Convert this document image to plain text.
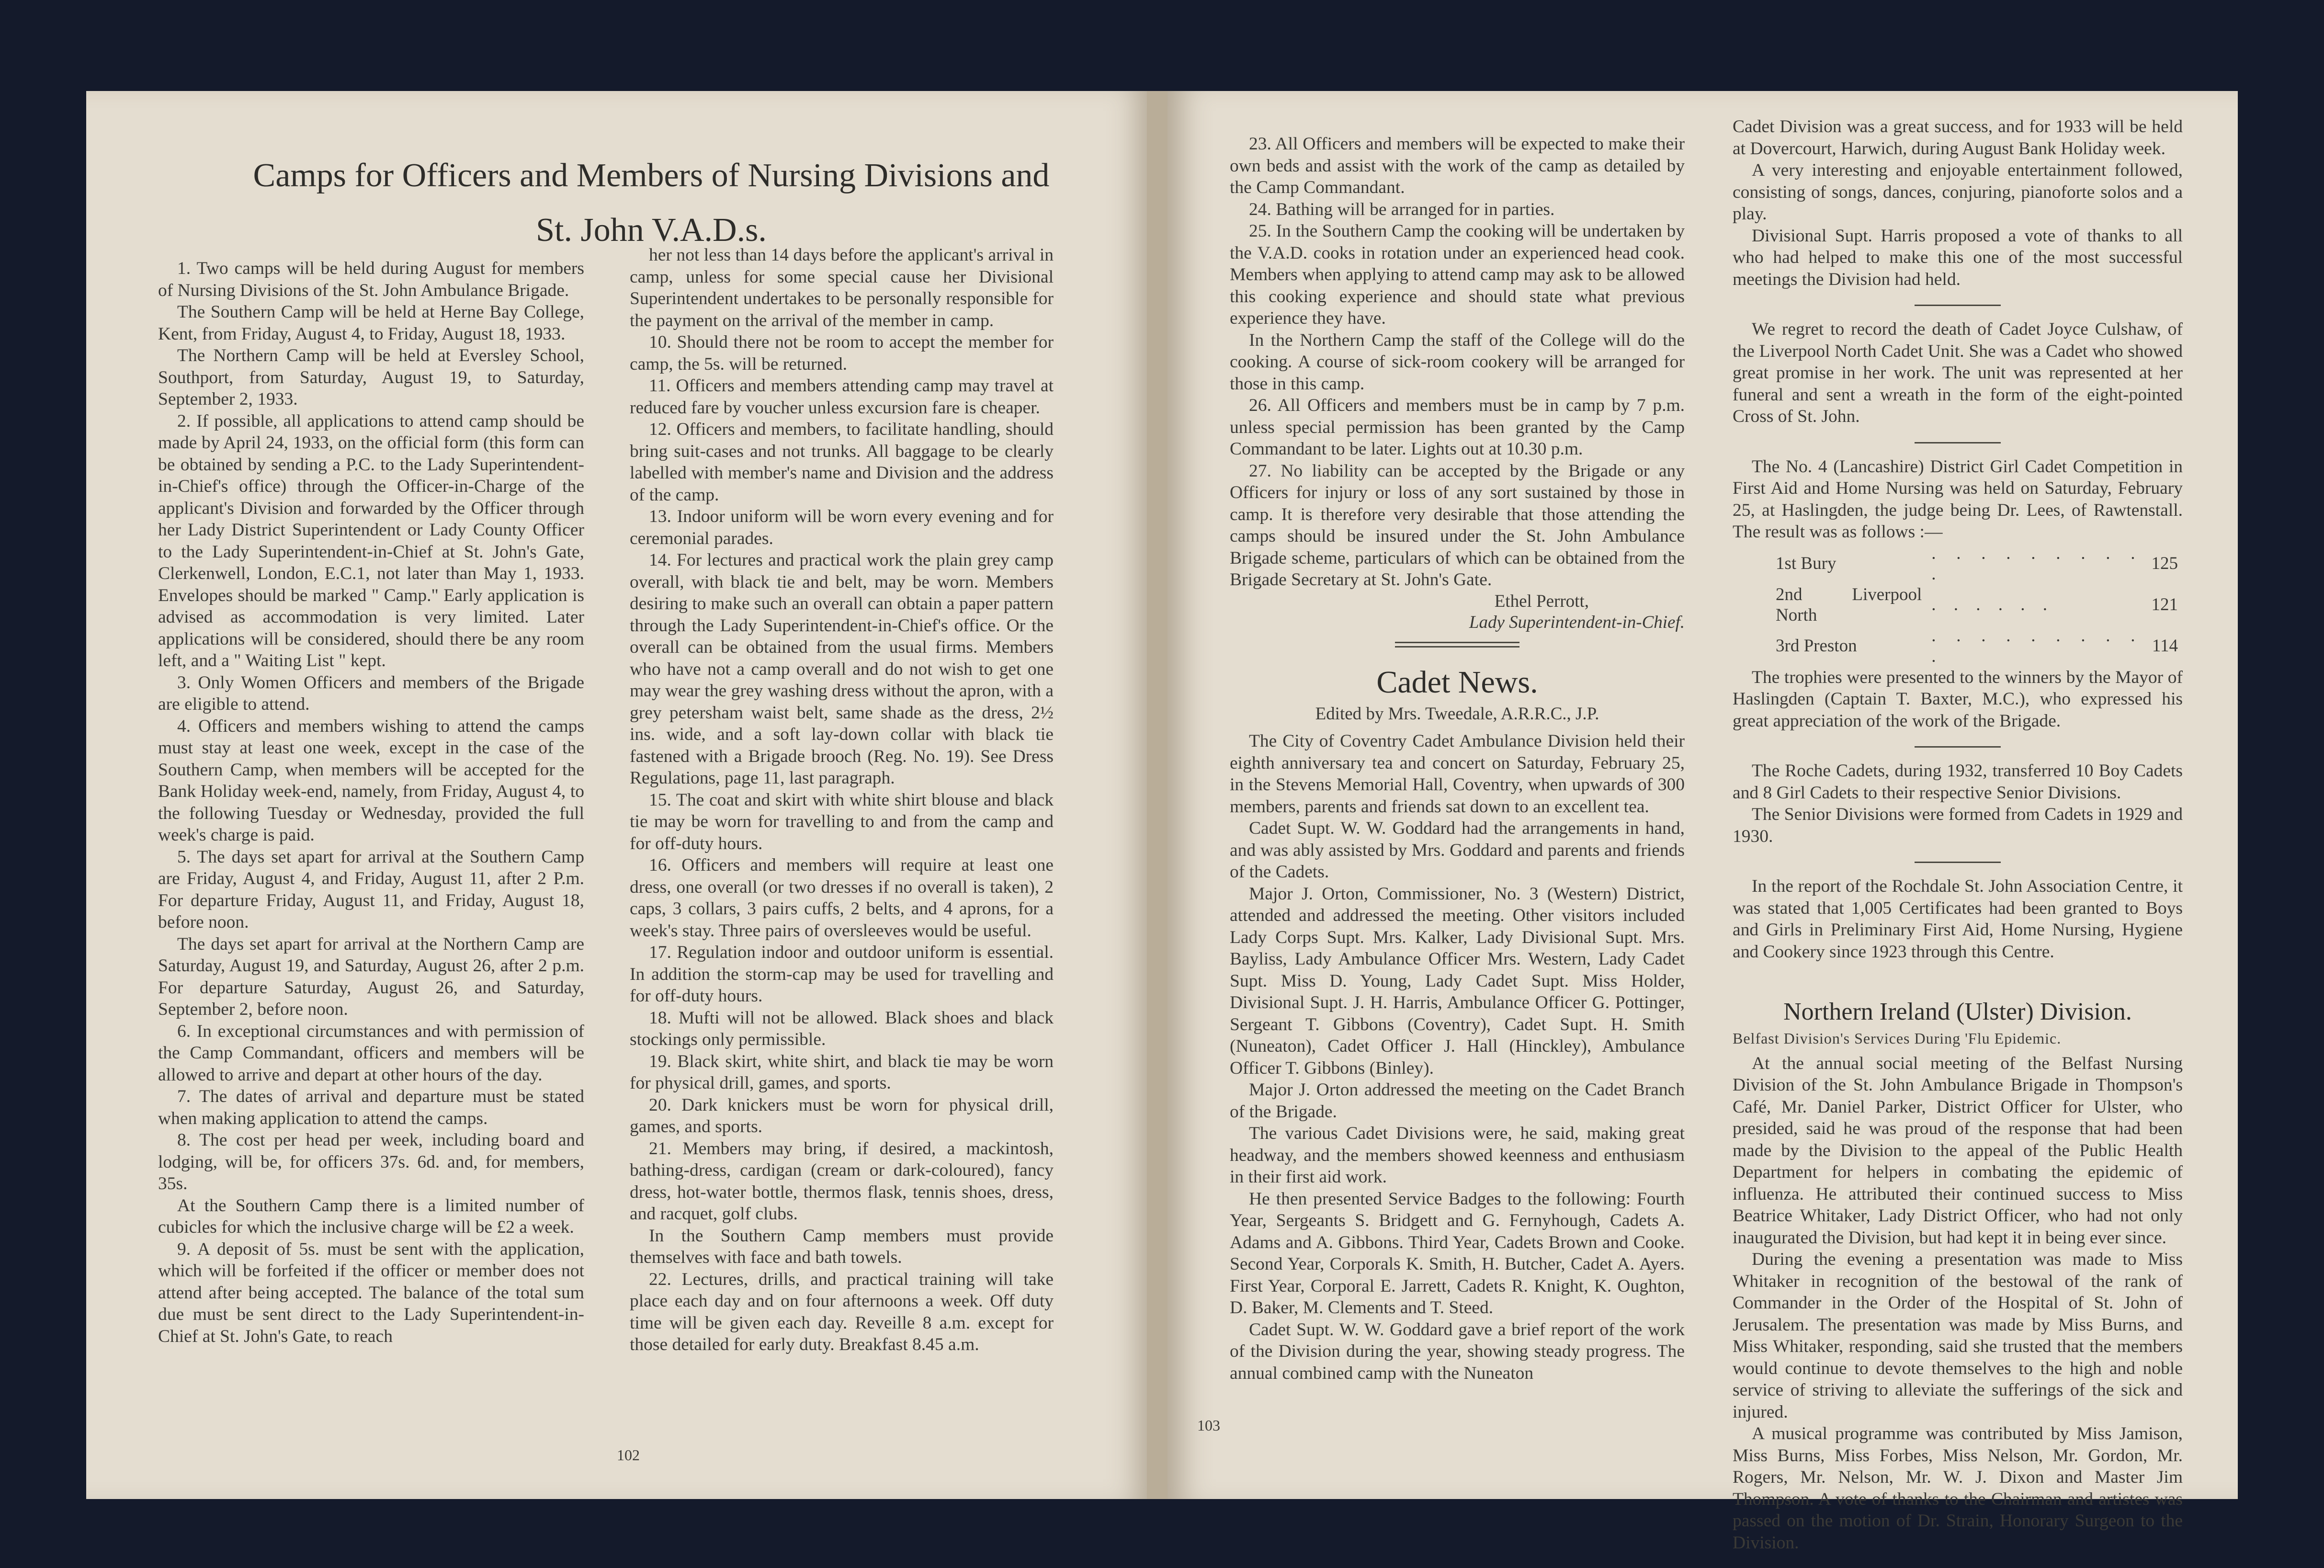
Camps for Officers and Members of Nursing Divisions and
St. John V.A.D.s.

1. Two camps will be held during August for members of Nursing Divisions of the St. John Ambulance Brigade.

The Southern Camp will be held at Herne Bay College, Kent, from Friday, August 4, to Friday, August 18, 1933.

The Northern Camp will be held at Eversley School, Southport, from Saturday, August 19, to Saturday, September 2, 1933.

2. If possible, all applications to attend camp should be made by April 24, 1933, on the official form (this form can be obtained by sending a P.C. to the Lady Superintendent-in-Chief's office) through the Officer-in-Charge of the applicant's Division and forwarded by the Officer through her Lady District Superintendent or Lady County Officer to the Lady Superintendent-in-Chief at St. John's Gate, Clerkenwell, London, E.C.1, not later than May 1, 1933. Envelopes should be marked " Camp." Early application is advised as accommodation is very limited. Later applications will be considered, should there be any room left, and a " Waiting List " kept.

3. Only Women Officers and members of the Brigade are eligible to attend.

4. Officers and members wishing to attend the camps must stay at least one week, except in the case of the Southern Camp, when members will be accepted for the Bank Holiday week-end, namely, from Friday, August 4, to the following Tuesday or Wednesday, provided the full week's charge is paid.

5. The days set apart for arrival at the Southern Camp are Friday, August 4, and Friday, August 11, after 2 P.m. For departure Friday, August 11, and Friday, August 18, before noon.

The days set apart for arrival at the Northern Camp are Saturday, August 19, and Saturday, August 26, after 2 p.m. For departure Saturday, August 26, and Saturday, September 2, before noon.

6. In exceptional circumstances and with permission of the Camp Commandant, officers and members will be allowed to arrive and depart at other hours of the day.

7. The dates of arrival and departure must be stated when making application to attend the camps.

8. The cost per head per week, including board and lodging, will be, for officers 37s. 6d. and, for members, 35s.

At the Southern Camp there is a limited number of cubicles for which the inclusive charge will be £2 a week.

9. A deposit of 5s. must be sent with the application, which will be forfeited if the officer or member does not attend after being accepted. The balance of the total sum due must be sent direct to the Lady Superintendent-in-Chief at St. John's Gate, to reach

her not less than 14 days before the applicant's arrival in camp, unless for some special cause her Divisional Superintendent undertakes to be personally responsible for the payment on the arrival of the member in camp.

10. Should there not be room to accept the member for camp, the 5s. will be returned.

11. Officers and members attending camp may travel at reduced fare by voucher unless excursion fare is cheaper.

12. Officers and members, to facilitate handling, should bring suit-cases and not trunks. All baggage to be clearly labelled with member's name and Division and the address of the camp.

13. Indoor uniform will be worn every evening and for ceremonial parades.

14. For lectures and practical work the plain grey camp overall, with black tie and belt, may be worn. Members desiring to make such an overall can obtain a paper pattern through the Lady Superintendent-in-Chief's office. Or the overall can be obtained from the usual firms. Members who have not a camp overall and do not wish to get one may wear the grey washing dress without the apron, with a grey petersham waist belt, same shade as the dress, 2½ ins. wide, and a soft lay-down collar with black tie fastened with a Brigade brooch (Reg. No. 19). See Dress Regulations, page 11, last paragraph.

15. The coat and skirt with white shirt blouse and black tie may be worn for travelling to and from the camp and for off-duty hours.

16. Officers and members will require at least one dress, one overall (or two dresses if no overall is taken), 2 caps, 3 collars, 3 pairs cuffs, 2 belts, and 4 aprons, for a week's stay. Three pairs of oversleeves would be useful.

17. Regulation indoor and outdoor uniform is essential. In addition the storm-cap may be used for travelling and for off-duty hours.

18. Mufti will not be allowed. Black shoes and black stockings only permissible.

19. Black skirt, white shirt, and black tie may be worn for physical drill, games, and sports.

20. Dark knickers must be worn for physical drill, games, and sports.

21. Members may bring, if desired, a mackintosh, bathing-dress, cardigan (cream or dark-coloured), fancy dress, hot-water bottle, thermos flask, tennis shoes, dress, and racquet, golf clubs.

In the Southern Camp members must provide themselves with face and bath towels.

22. Lectures, drills, and practical training will take place each day and on four afternoons a week. Off duty time will be given each day. Reveille 8 a.m. except for those detailed for early duty. Breakfast 8.45 a.m.

102

23. All Officers and members will be expected to make their own beds and assist with the work of the camp as detailed by the Camp Commandant.

24. Bathing will be arranged for in parties.

25. In the Southern Camp the cooking will be undertaken by the V.A.D. cooks in rotation under an experienced head cook. Members when applying to attend camp may ask to be allowed this cooking experience and should state what previous experience they have.

In the Northern Camp the staff of the College will do the cooking. A course of sick-room cookery will be arranged for those in this camp.

26. All Officers and members must be in camp by 7 p.m. unless special permission has been granted by the Camp Commandant to be later. Lights out at 10.30 p.m.

27. No liability can be accepted by the Brigade or any Officers for injury or loss of any sort sustained by those in camp. It is therefore very desirable that those attending the camps should be insured under the St. John Ambulance Brigade scheme, particulars of which can be obtained from the Brigade Secretary at St. John's Gate.

Ethel Perrott,
Lady Superintendent-in-Chief.
Cadet News.
Edited by Mrs. Tweedale, A.R.R.C., J.P.

The City of Coventry Cadet Ambulance Division held their eighth anniversary tea and concert on Saturday, February 25, in the Stevens Memorial Hall, Coventry, when upwards of 300 members, parents and friends sat down to an excellent tea.

Cadet Supt. W. W. Goddard had the arrangements in hand, and was ably assisted by Mrs. Goddard and parents and friends of the Cadets.

Major J. Orton, Commissioner, No. 3 (Western) District, attended and addressed the meeting. Other visitors included Lady Corps Supt. Mrs. Kalker, Lady Divisional Supt. Mrs. Bayliss, Lady Ambulance Officer Mrs. Western, Lady Cadet Supt. Miss D. Young, Lady Cadet Supt. Miss Holder, Divisional Supt. J. H. Harris, Ambulance Officer G. Pottinger, Sergeant T. Gibbons (Coventry), Cadet Supt. H. Smith (Nuneaton), Cadet Officer J. Hall (Hinckley), Ambulance Officer T. Gibbons (Binley).

Major J. Orton addressed the meeting on the Cadet Branch of the Brigade.

The various Cadet Divisions were, he said, making great headway, and the members showed keenness and enthusiasm in their first aid work.

He then presented Service Badges to the following: Fourth Year, Sergeants S. Bridgett and G. Fernyhough, Cadets A. Adams and A. Gibbons. Third Year, Cadets Brown and Cooke. Second Year, Corporals K. Smith, H. Butcher, Cadet A. Ayers. First Year, Corporal E. Jarrett, Cadets R. Knight, K. Oughton, D. Baker, M. Clements and T. Steed.

Cadet Supt. W. W. Goddard gave a brief report of the work of the Division during the year, showing steady progress. The annual combined camp with the Nuneaton

Cadet Division was a great success, and for 1933 will be held at Dovercourt, Harwich, during August Bank Holiday week.

A very interesting and enjoyable entertainment followed, consisting of songs, dances, conjuring, pianoforte solos and a play.

Divisional Supt. Harris proposed a vote of thanks to all who had helped to make this one of the most successful meetings the Division had held.

We regret to record the death of Cadet Joyce Culshaw, of the Liverpool North Cadet Unit. She was a Cadet who showed great promise in her work. The unit was represented at her funeral and sent a wreath in the form of the eight-pointed Cross of St. John.

The No. 4 (Lancashire) District Girl Cadet Competition in First Aid and Home Nursing was held on Saturday, February 25, at Haslingden, the judge being Dr. Lees, of Rawtenstall. The result was as follows :—

1st Bury	. . . . . . . . . .	125
2nd Liverpool North	. . . . . .	121
3rd Preston	. . . . . . . . . .	114

The trophies were presented to the winners by the Mayor of Haslingden (Captain T. Baxter, M.C.), who expressed his great appreciation of the work of the Brigade.

The Roche Cadets, during 1932, transferred 10 Boy Cadets and 8 Girl Cadets to their respective Senior Divisions.

The Senior Divisions were formed from Cadets in 1929 and 1930.

In the report of the Rochdale St. John Association Centre, it was stated that 1,005 Certificates had been granted to Boys and Girls in Preliminary First Aid, Home Nursing, Hygiene and Cookery since 1923 through this Centre.

Northern Ireland (Ulster) Division.
Belfast Division's Services During 'Flu Epidemic.

At the annual social meeting of the Belfast Nursing Division of the St. John Ambulance Brigade in Thompson's Café, Mr. Daniel Parker, District Officer for Ulster, who presided, said he was proud of the response that had been made by the Division to the appeal of the Public Health Department for helpers in combating the epidemic of influenza. He attributed their continued success to Miss Beatrice Whitaker, Lady District Officer, who had not only inaugurated the Division, but had kept it in being ever since.

During the evening a presentation was made to Miss Whitaker in recognition of the bestowal of the rank of Commander in the Order of the Hospital of St. John of Jerusalem. The presentation was made by Miss Burns, and Miss Whitaker, responding, said she trusted that the members would continue to devote themselves to the high and noble service of striving to alleviate the sufferings of the sick and injured.

A musical programme was contributed by Miss Jamison, Miss Burns, Miss Forbes, Miss Nelson, Mr. Gordon, Mr. Rogers, Mr. Nelson, Mr. W. J. Dixon and Master Jim Thompson. A vote of thanks to the Chairman and artistes was passed on the motion of Dr. Strain, Honorary Surgeon to the Division.

103
